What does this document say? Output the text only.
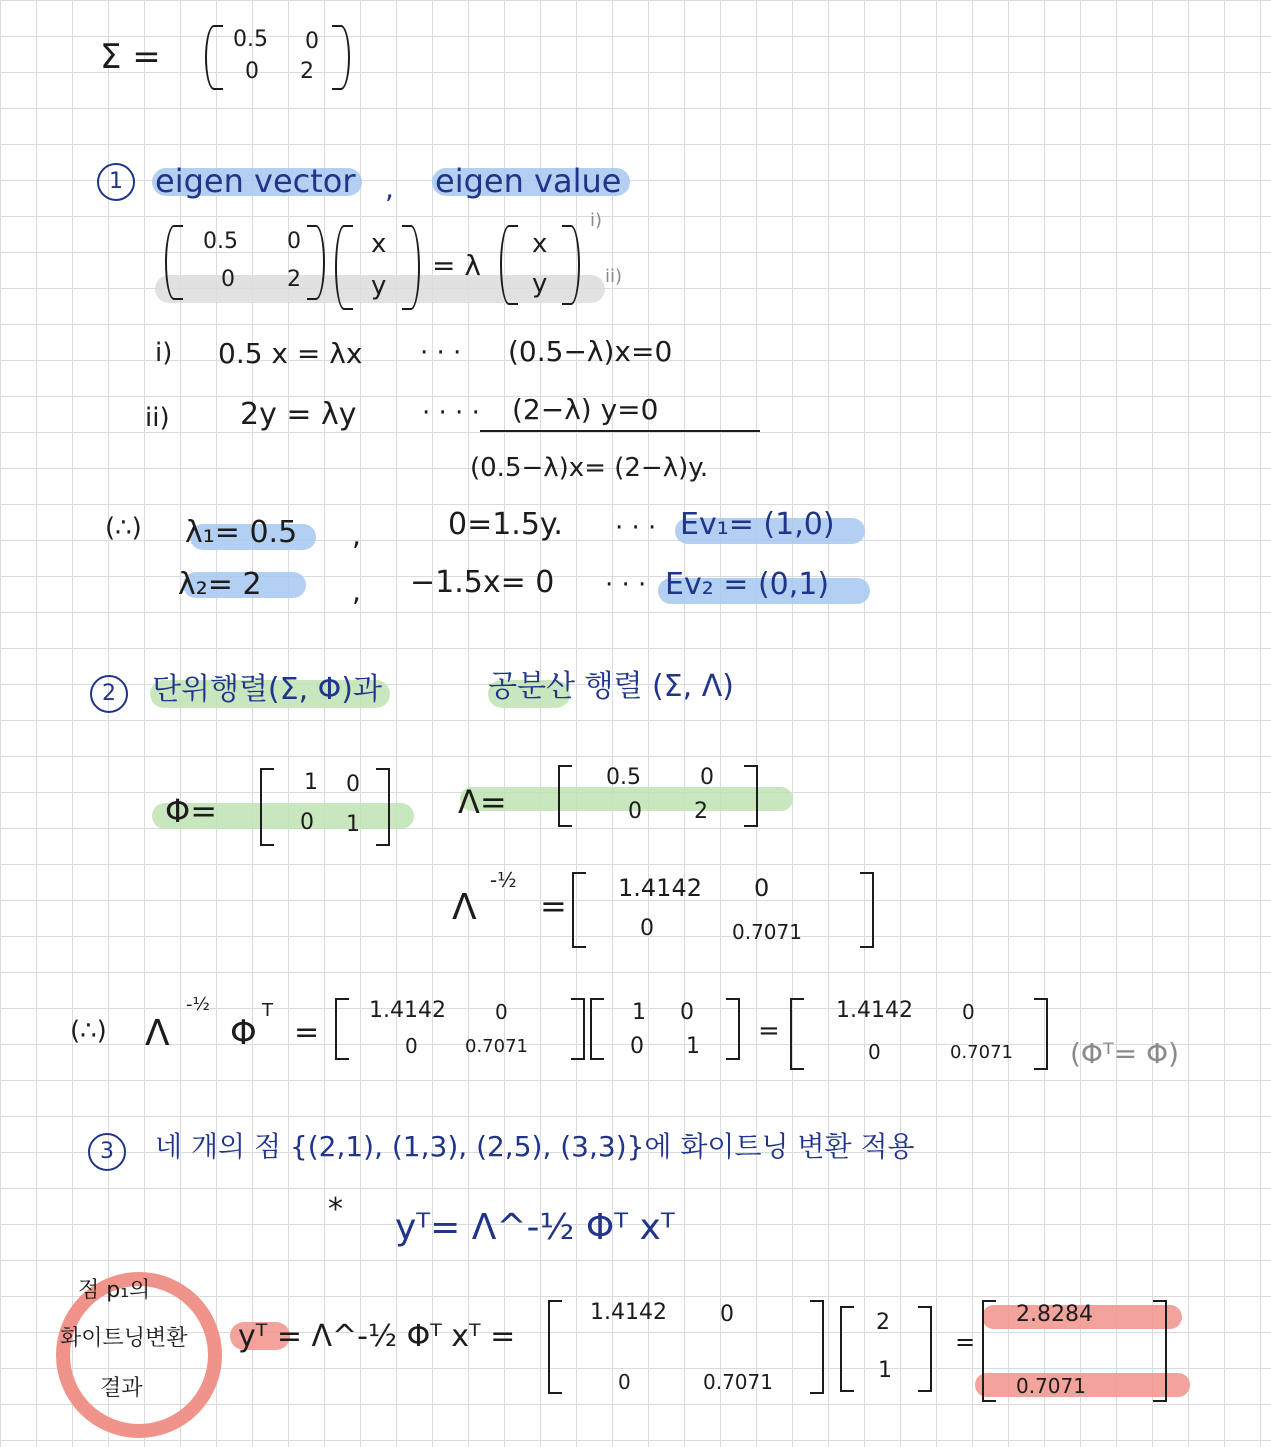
Σ =	0.5 0
0 2
1	eigen vector , eigen value
0.5 0
0 2
x
y
= λ
x
y
i)
ii)
i) 0.5 x = λx · · · (0.5−λ)x=0
ii) 2y = λy	· · · · (2−λ) y=0
(0.5−λ)x= (2−λ)y.
(∴) λ₁= 0.5 ,	0=1.5y. · · · Ev₁= (1,0)
λ₂= 2	, −1.5x= 0 · · · Ev₂ = (0,1)
2	단위행렬(Σ, Φ)과	공분산 행렬 (Σ, Λ)
Φ=
1 0
0 1
Λ=
0.5	0
0 2
Λ
-½
= 1.4142 0
0	0.7071
(∴) Λ
-½
Φ
T
=
1.4142 0
0	0.7071
1 0
0 1
=
1.4142 0
0	0.7071 (Φᵀ= Φ)
3	네 개의 점 {(2,1), (1,3), (2,5), (3,3)}에 화이트닝 변환 적용
* yᵀ= Λ^-½ Φᵀ xᵀ
점 p₁의
화이트닝변환
결과
yᵀ = Λ^-½ Φᵀ xᵀ =
1.4142 0
0	0.7071
2
1
=
2.8284
0.7071
